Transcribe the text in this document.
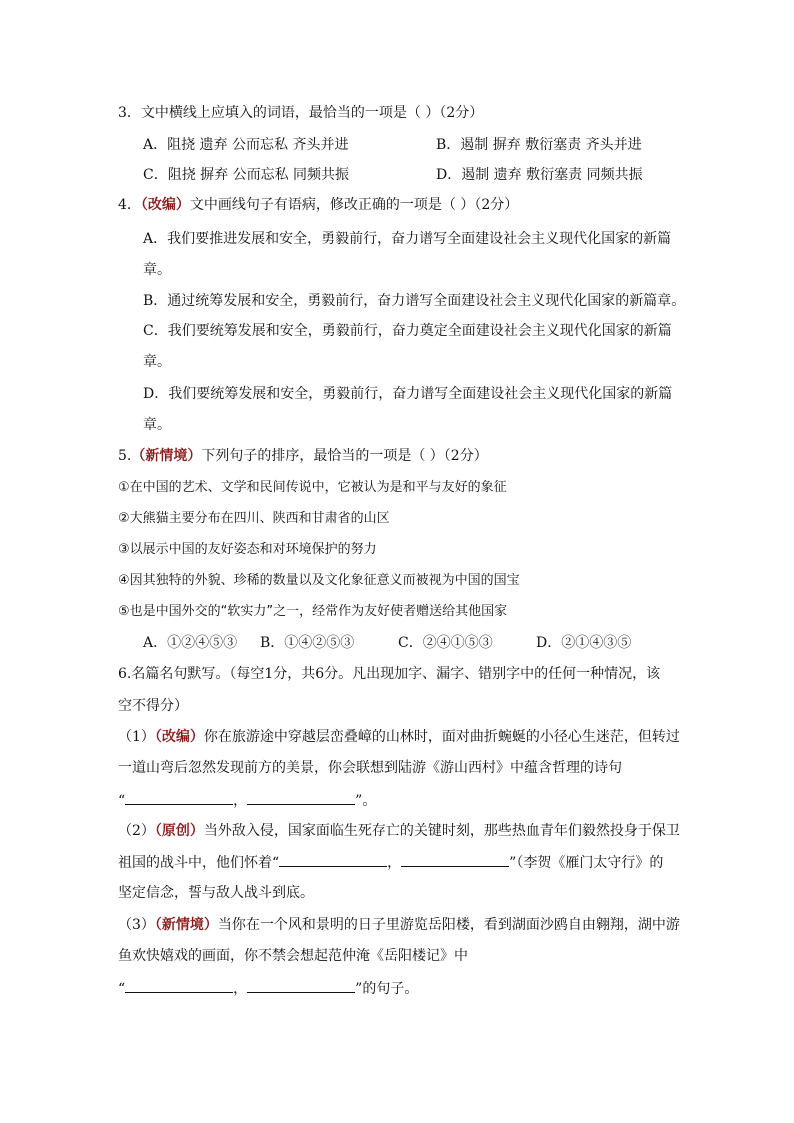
3．文中横线上应填入的词语，最恰当的一项是（ ）（2分）
A．阻挠 遗弃 公而忘私 齐头并进	B．遏制 摒弃 敷衍塞责 齐头并进
C．阻挠 摒弃 公而忘私 同频共振	D．遏制 遗弃 敷衍塞责 同频共振
4．（改编）文中画线句子有语病，修改正确的一项是（ ）（2分）
A．我们要推进发展和安全，勇毅前行，奋力谱写全面建设社会主义现代化国家的新篇
章。
B．通过统筹发展和安全，勇毅前行，奋力谱写全面建设社会主义现代化国家的新篇章。
C．我们要统筹发展和安全，勇毅前行，奋力奠定全面建设社会主义现代化国家的新篇
章。
D．我们要统筹发展和安全，勇毅前行，奋力谱写全面建设社会主义现代化国家的新篇
章。
5.（新情境）下列句子的排序，最恰当的一项是（ ）（2分）
①在中国的艺术、文学和民间传说中，它被认为是和平与友好的象征
②大熊猫主要分布在四川、陕西和甘肃省的山区
③以展示中国的友好姿态和对环境保护的努力
④因其独特的外貌、珍稀的数量以及文化象征意义而被视为中国的国宝
⑤也是中国外交的“软实力”之一，经常作为友好使者赠送给其他国家
A．①②④⑤③ B．①④②⑤③	C．②④①⑤③	D．②①④③⑤
6.名篇名句默写。（每空1分，共6分。凡出现加字、漏字、错别字中的任何一种情况，该
空不得分）
（1）（改编）你在旅游途中穿越层峦叠嶂的山林时，面对曲折蜿蜒的小径心生迷茫，但转过
一道山弯后忽然发现前方的美景，你会联想到陆游《游山西村》中蕴含哲理的诗句
“	，	”。
（2）（原创）当外敌入侵，国家面临生死存亡的关键时刻，那些热血青年们毅然投身于保卫
祖国的战斗中，他们怀着“	，	”（李贺《雁门太守行》的
坚定信念，誓与敌人战斗到底。
（3）（新情境）当你在一个风和景明的日子里游览岳阳楼，看到湖面沙鸥自由翱翔，湖中游
鱼欢快嬉戏的画面，你不禁会想起范仲淹《岳阳楼记》中
“	，	”的句子。
